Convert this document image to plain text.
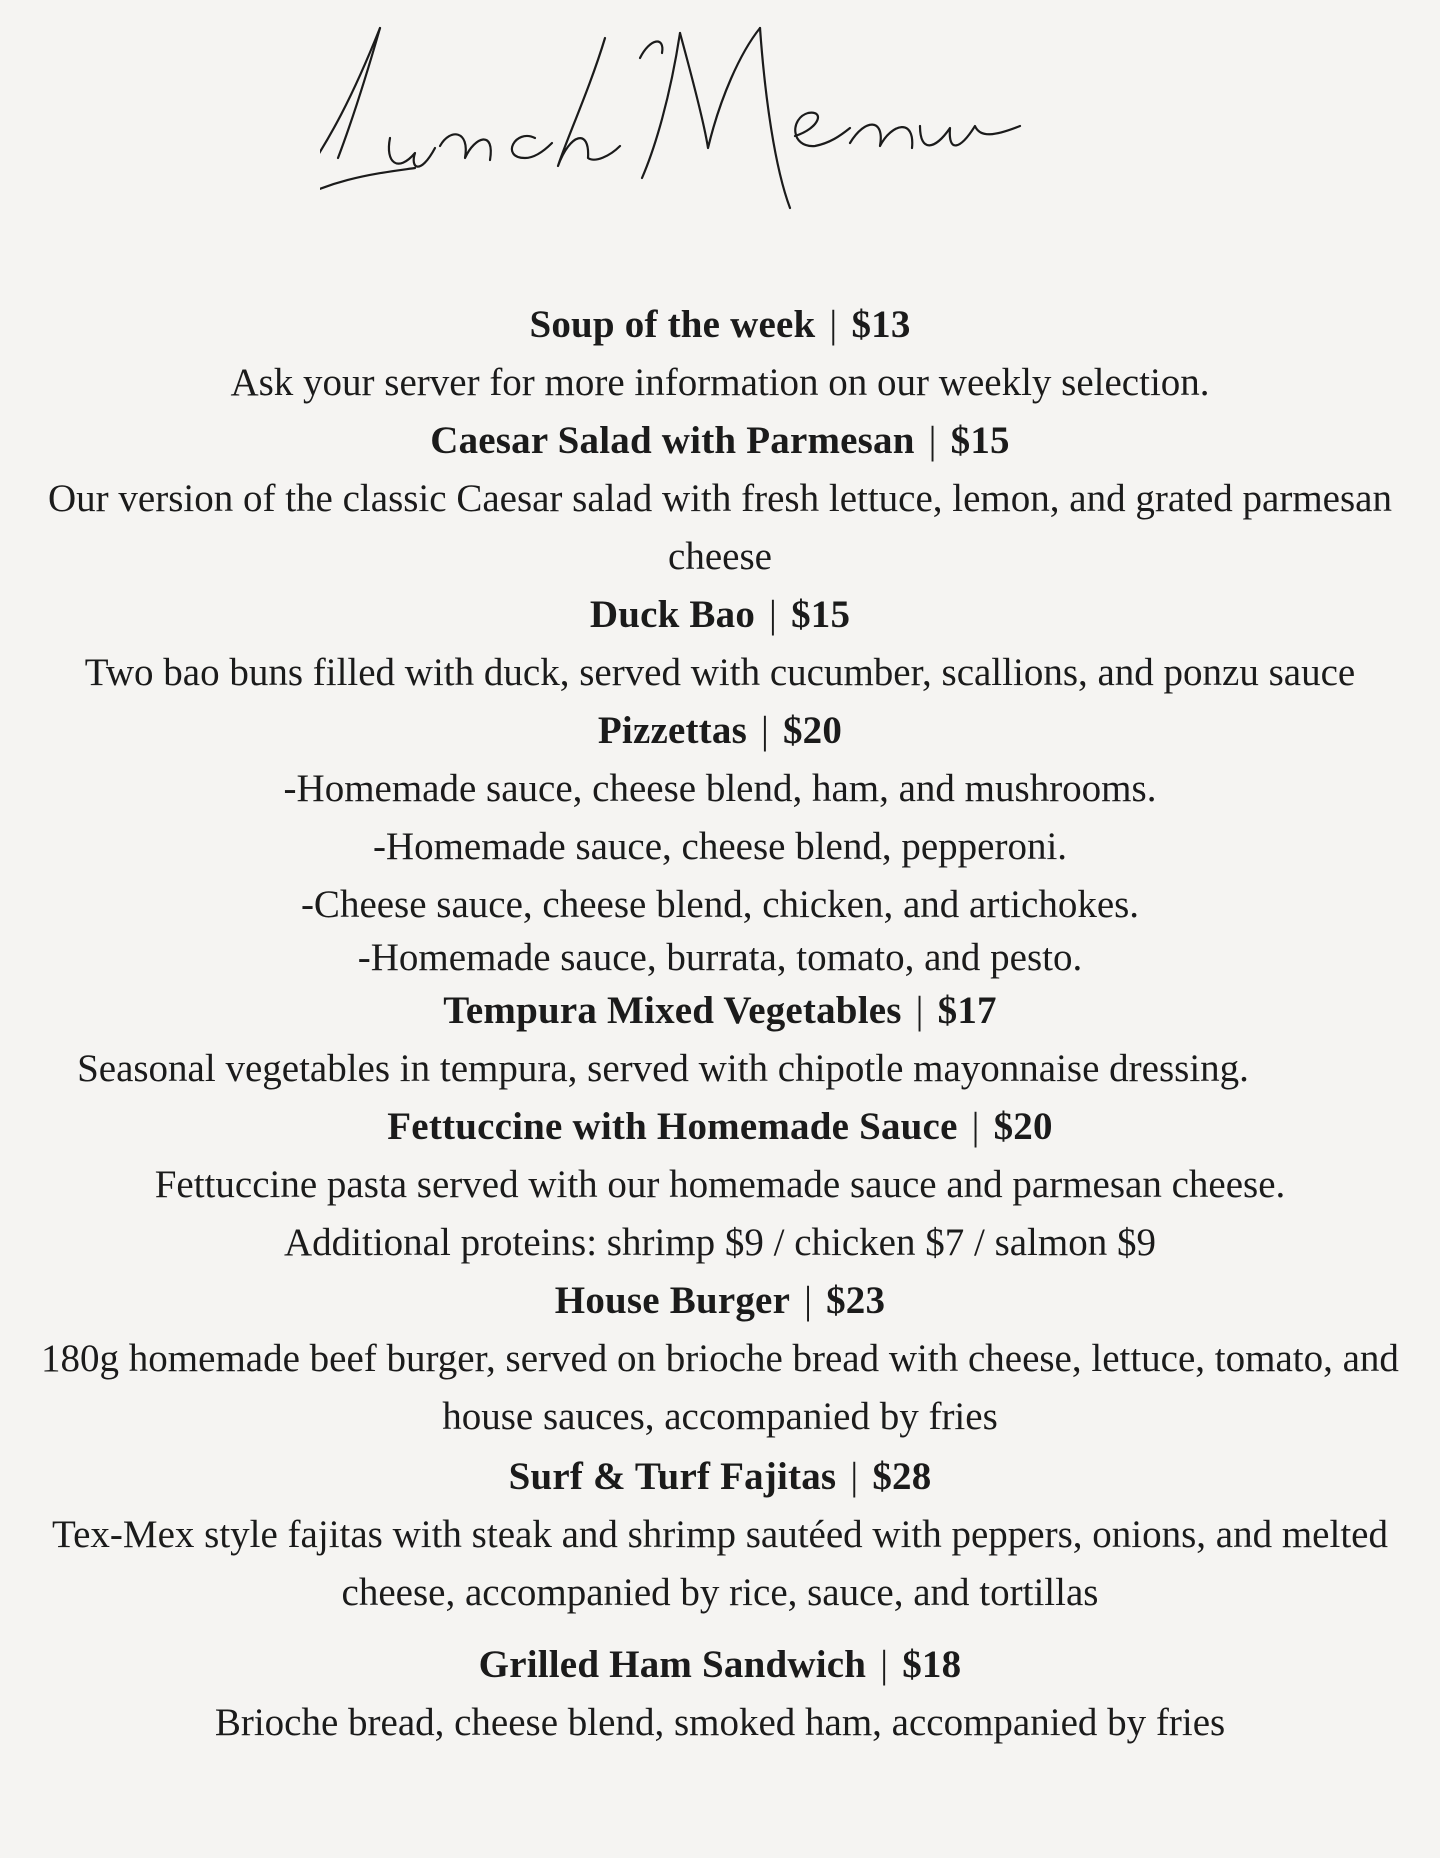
Soup of the week | $13
Ask your server for more information on our weekly selection.
Caesar Salad with Parmesan | $15
Our version of the classic Caesar salad with fresh lettuce, lemon, and grated parmesan cheese
Duck Bao | $15
Two bao buns filled with duck, served with cucumber, scallions, and ponzu sauce
Pizzettas | $20
-Homemade sauce, cheese blend, ham, and mushrooms.
-Homemade sauce, cheese blend, pepperoni.
-Cheese sauce, cheese blend, chicken, and artichokes.
-Homemade sauce, burrata, tomato, and pesto.
Tempura Mixed Vegetables | $17
Seasonal vegetables in tempura, served with chipotle mayonnaise dressing.
Fettuccine with Homemade Sauce | $20
Fettuccine pasta served with our homemade sauce and parmesan cheese.
Additional proteins: shrimp $9 / chicken $7 / salmon $9
House Burger | $23
180g homemade beef burger, served on brioche bread with cheese, lettuce, tomato, and house sauces, accompanied by fries
Surf & Turf Fajitas | $28
Tex-Mex style fajitas with steak and shrimp sautéed with peppers, onions, and melted cheese, accompanied by rice, sauce, and tortillas
Grilled Ham Sandwich | $18
Brioche bread, cheese blend, smoked ham, accompanied by fries
